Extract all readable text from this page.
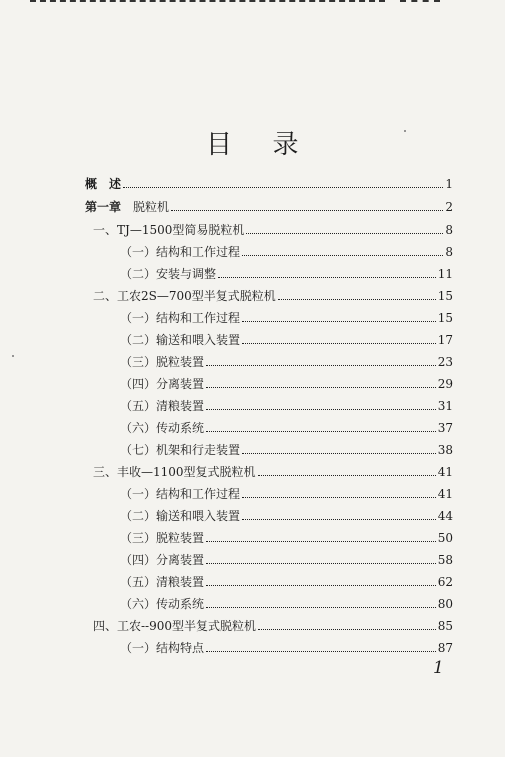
目 录
概　述	1
第一章　脱粒机	2
一、TJ—1500型简易脱粒机	8
（一）结构和工作过程	8
（二）安装与调整	11
二、工农2S—700型半复式脱粒机	15
（一）结构和工作过程	15
（二）输送和喂入装置	17
（三）脱粒装置	23
（四）分离装置	29
（五）清粮装置	31
（六）传动系统	37
（七）机架和行走装置	38
三、丰收—1100型复式脱粒机	41
（一）结构和工作过程	41
（二）输送和喂入装置	44
（三）脱粒装置	50
（四）分离装置	58
（五）清粮装置	62
（六）传动系统	80
四、工农--900型半复式脱粒机	85
（一）结构特点	87
1
